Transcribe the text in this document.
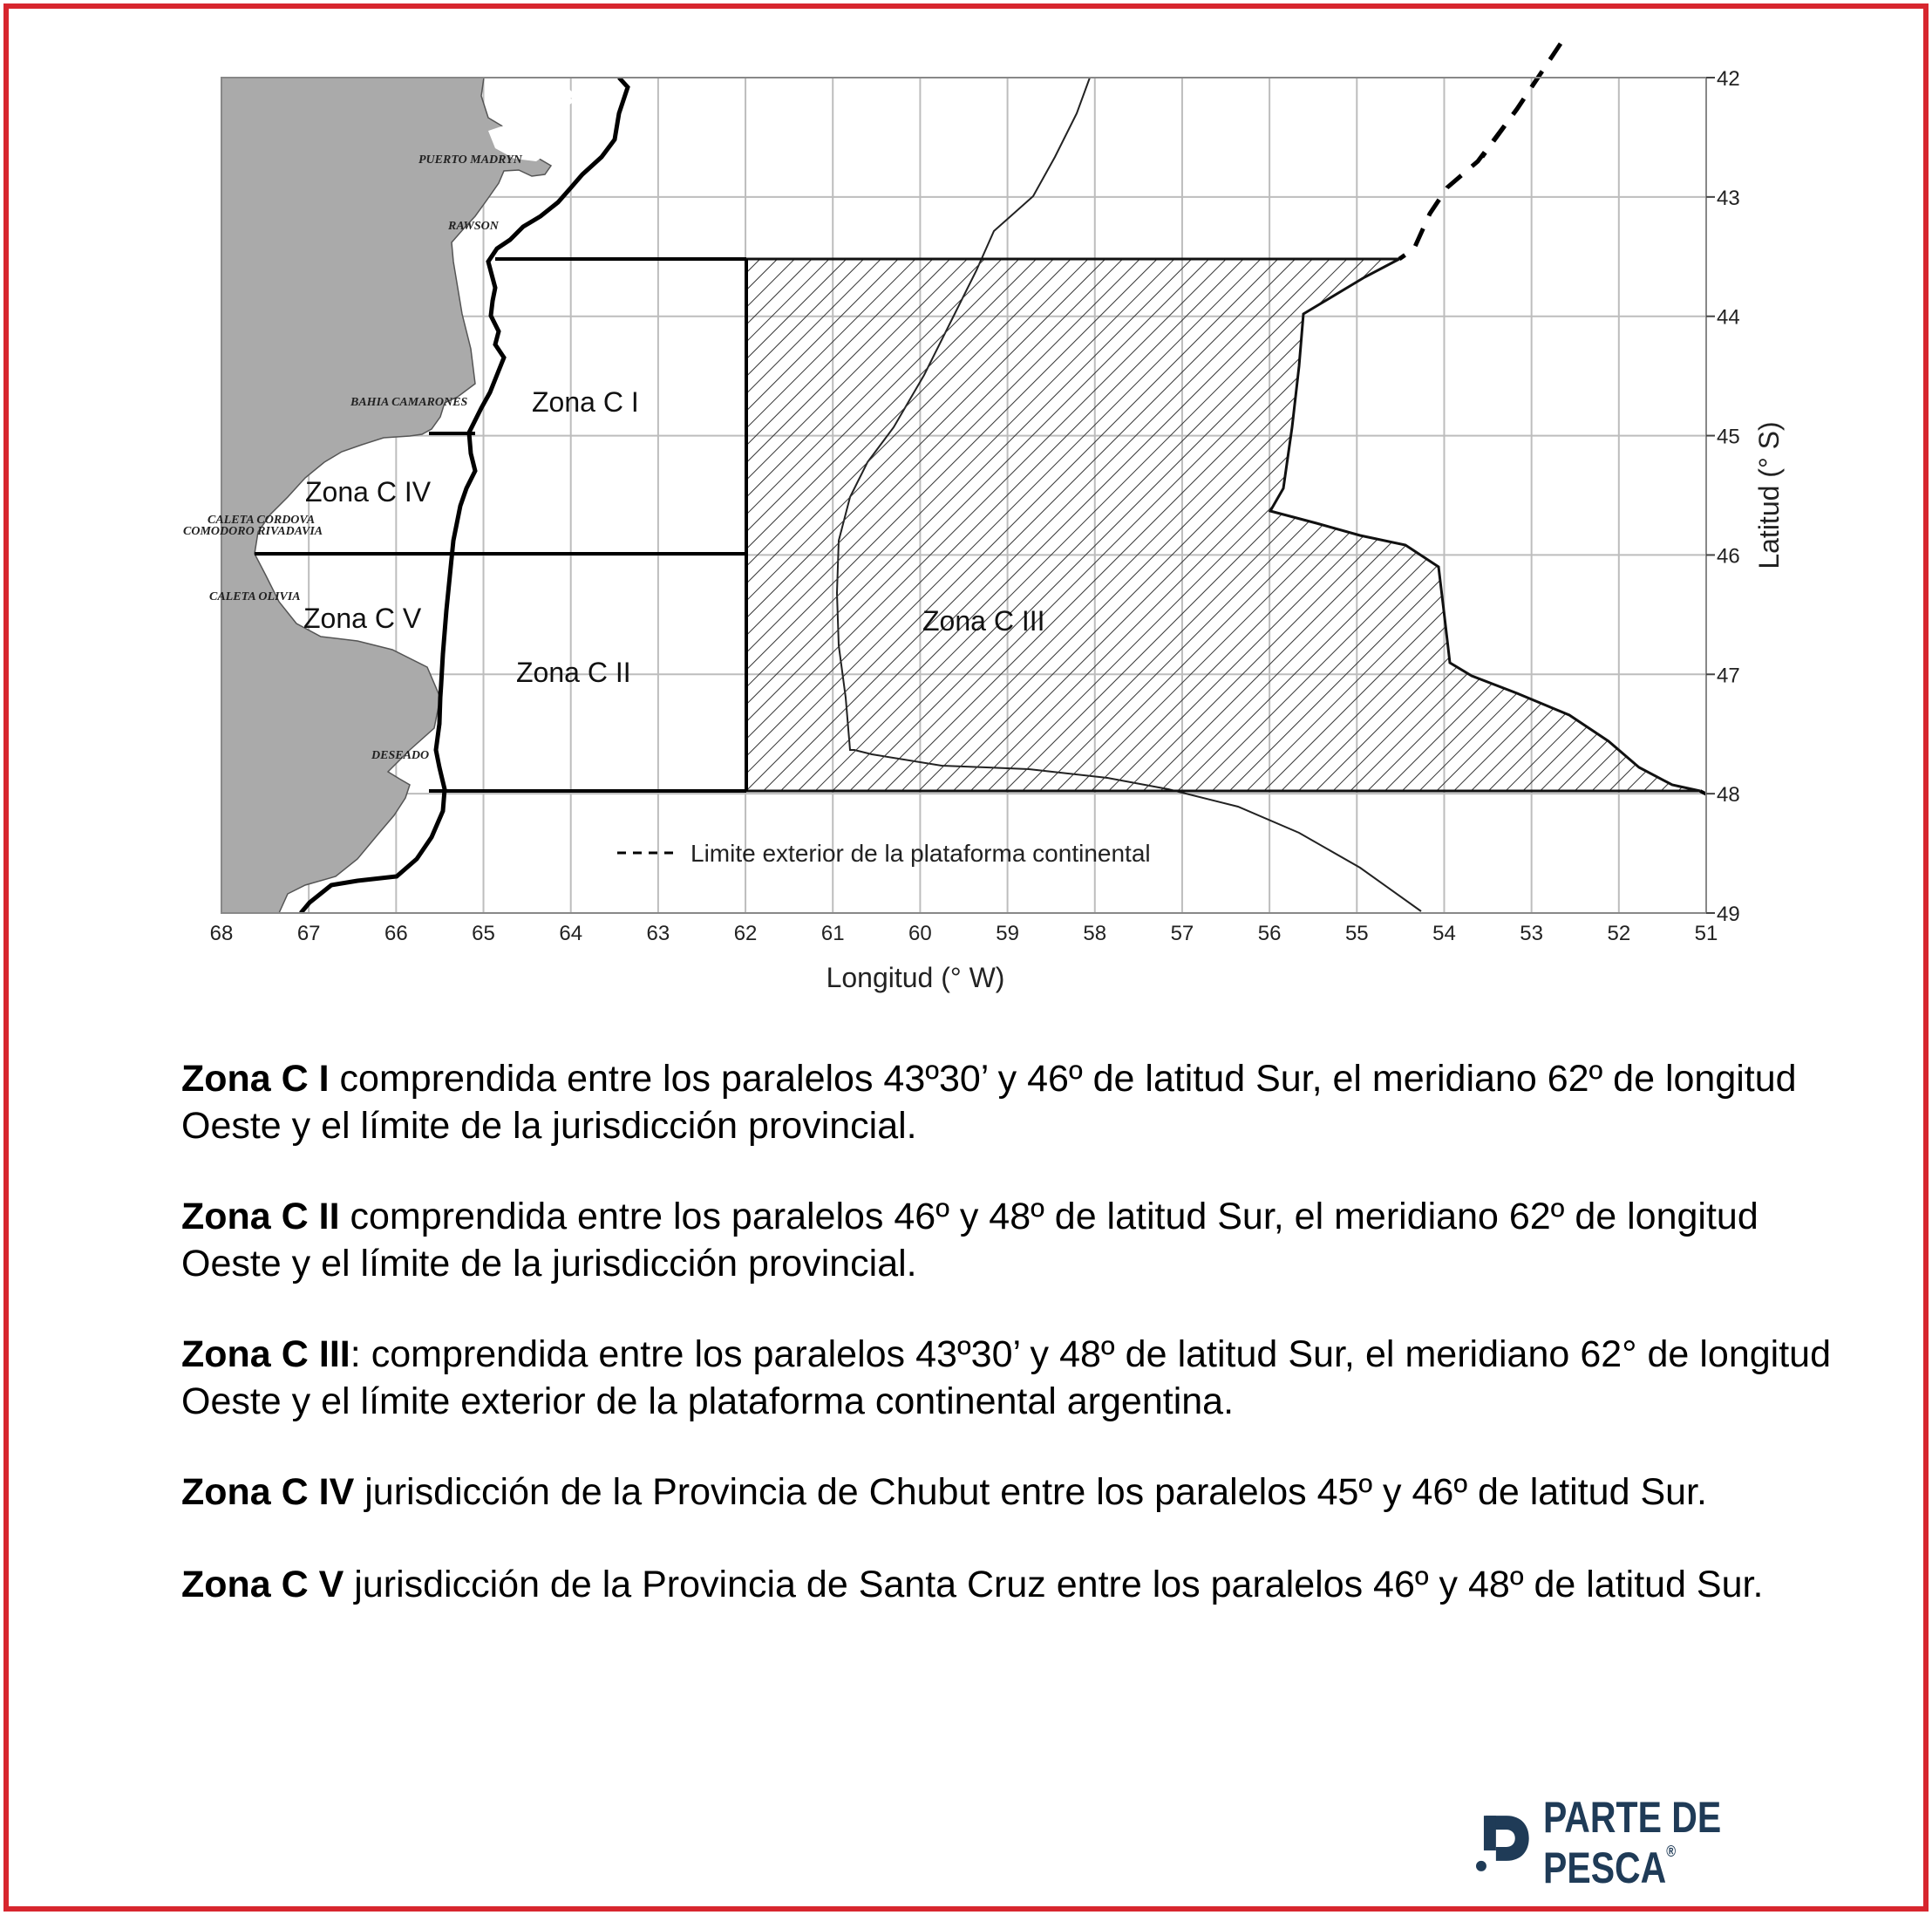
68	67	66	65	64	63	62	61	60	59	58	57	56	55	54	53	52	51
42
43
44
45
46
47
48
49
Longitud (° W)
Latitud (° S)
Limite exterior de la plataforma continental
Zona C I
Zona C II
Zona C III
Zona C IV
Zona C V
PUERTO MADRYN
RAWSON
BAHIA CAMARONES
CALETA CORDOVA
COMODORO RIVADAVIA
CALETA OLIVIA
DESEADO

Zona C I comprendida entre los paralelos 43º30’ y 46º de latitud Sur, el meridiano 62º de longitud Oeste y el límite de la jurisdicción provincial.

Zona C II comprendida entre los paralelos 46º y 48º de latitud Sur, el meridiano 62º de longitud Oeste y el límite de la jurisdicción provincial.

Zona C III: comprendida entre los paralelos 43º30’ y 48º de latitud Sur, el meridiano 62° de longitud Oeste y el límite exterior de la plataforma continental argentina.

Zona C IV jurisdicción de la Provincia de Chubut entre los paralelos 45º y 46º de latitud Sur.

Zona C V jurisdicción de la Provincia de Santa Cruz entre los paralelos 46º y 48º de latitud Sur.

PARTE DE PESCA®
